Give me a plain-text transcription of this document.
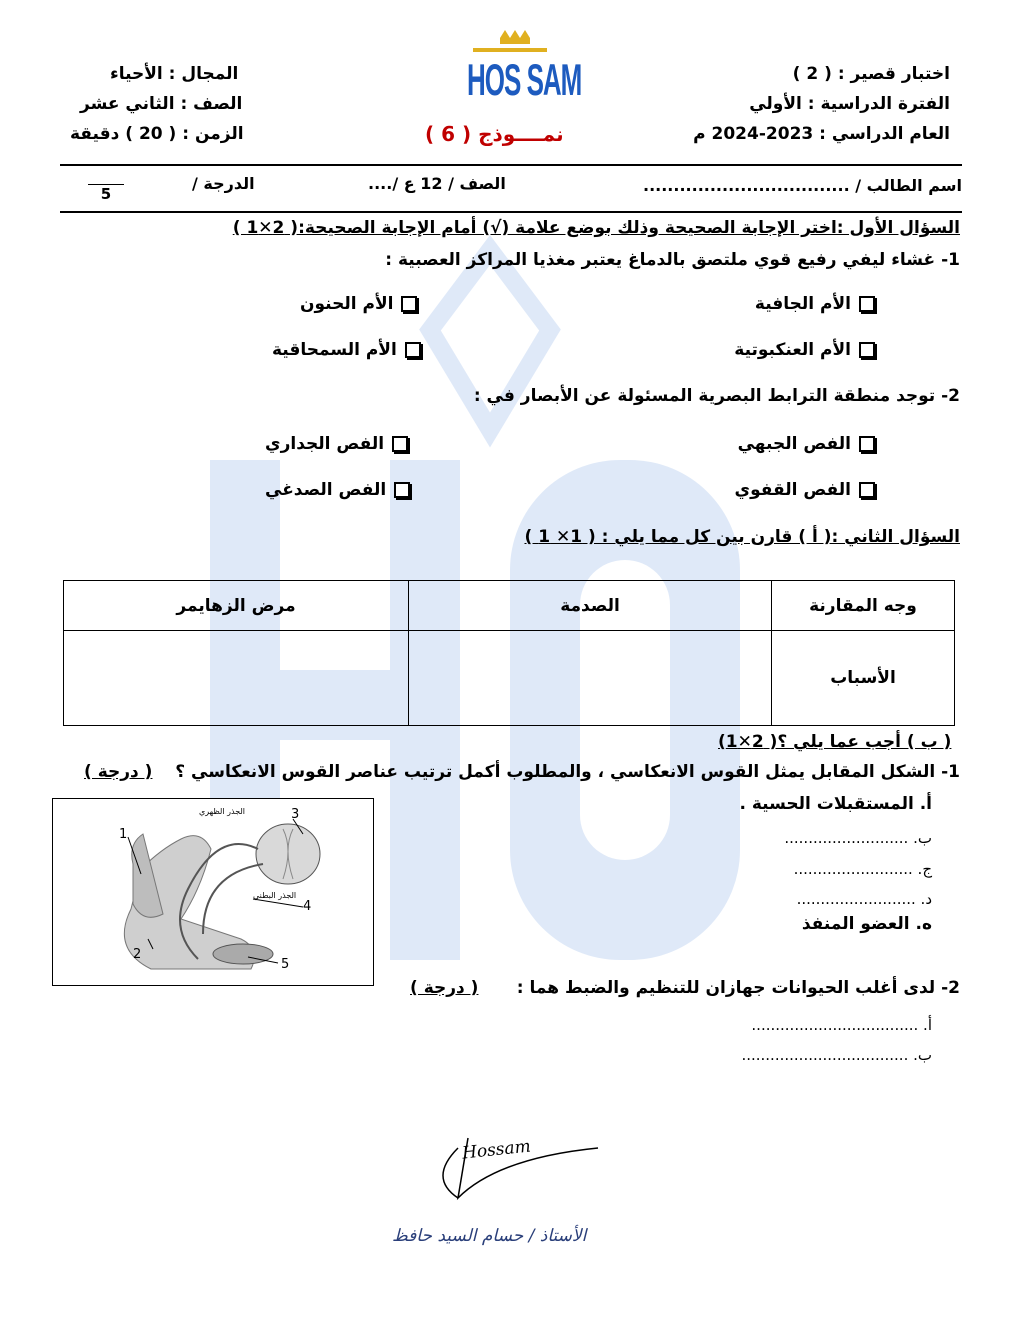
اختبار قصير : ( 2 )
الفترة الدراسية : الأولي
العام الدراسي : 2023-2024 م
المجال : الأحياء
الصف : الثاني عشر
الزمن : ( 20 ) دقيقة
HOS SAM
نمــــوذج ( 6 )
اسم الطالب / ..................................
الصف / 12 ع /....
الدرجة /
5
السؤال الأول :اختر الإجابة الصحيحة وذلك بوضع علامة (√) أمام الإجابة الصحيحة:( 2✕1 )
1- غشاء ليفي رفيع قوي ملتصق بالدماغ يعتبر مغذيا المراكز العصبية :
الأم الجافية
الأم الحنون
الأم العنكبوتية
الأم السمحاقية
2- توجد منطقة الترابط البصرية المسئولة عن الأبصار في :
الفص الجبهي
الفص الجداري
الفص القفوي
الفص الصدغي
السؤال الثاني :( أ ) قارن بين كل مما يلي : ( 1✕ 1 )
وجه المقارنة	الصدمة	مرض الزهايمر
الأسباب		
( ب ) أجب عما يلي ؟( 2✕1)
1- الشكل المقابل يمثل القوس الانعكاسي ، والمطلوب أكمل ترتيب عناصر القوس الانعكاسي ؟
( درجة )
أ. المستقبلات الحسية .
ب. ..........................
ج. .........................
د. .........................
ه. العضو المنفذ
1
2
3
4
5
الجذر الظهري
الجذر البطني
2- لدى أغلب الحيوانات جهازان للتنظيم والضبط هما :
( درجة )
أ. ...................................
ب. ...................................
Hossam
الأستاذ / حسام السيد حافظ
